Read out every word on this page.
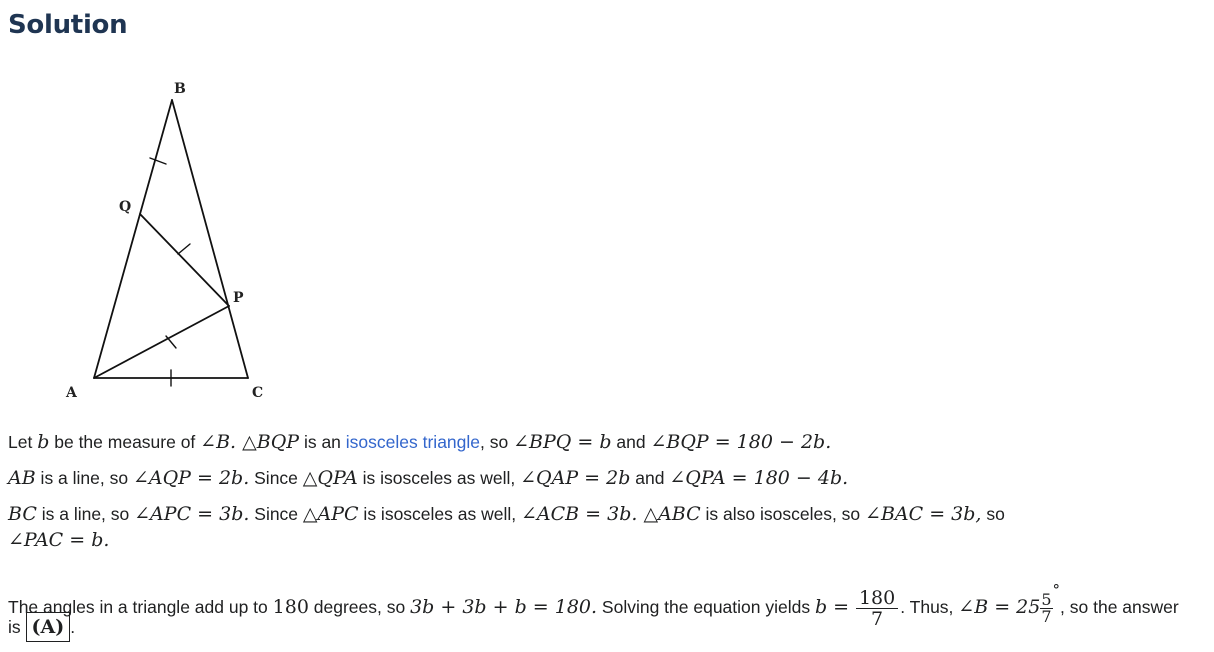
Solution
B
Q
P
A	C
Let b be the measure of ∠B. △BQP is an isosceles triangle, so ∠BPQ = b and ∠BQP = 180 − 2b.
AB is a line, so ∠AQP = 2b. Since △QPA is isosceles as well, ∠QAP = 2b and ∠QPA = 180 − 4b.
BC is a line, so ∠APC = 3b. Since △APC is isosceles as well, ∠ACB = 3b. △ABC is also isosceles, so ∠BAC = 3b, so
∠PAC = b.
The angles in a triangle add up to 180 degrees, so 3b + 3b + b = 180. Solving the equation yields $b = \frac{180}{7}$ . Thus, ∠B = $25 \frac{5}{7}$
°, so the answer
is (A) .
